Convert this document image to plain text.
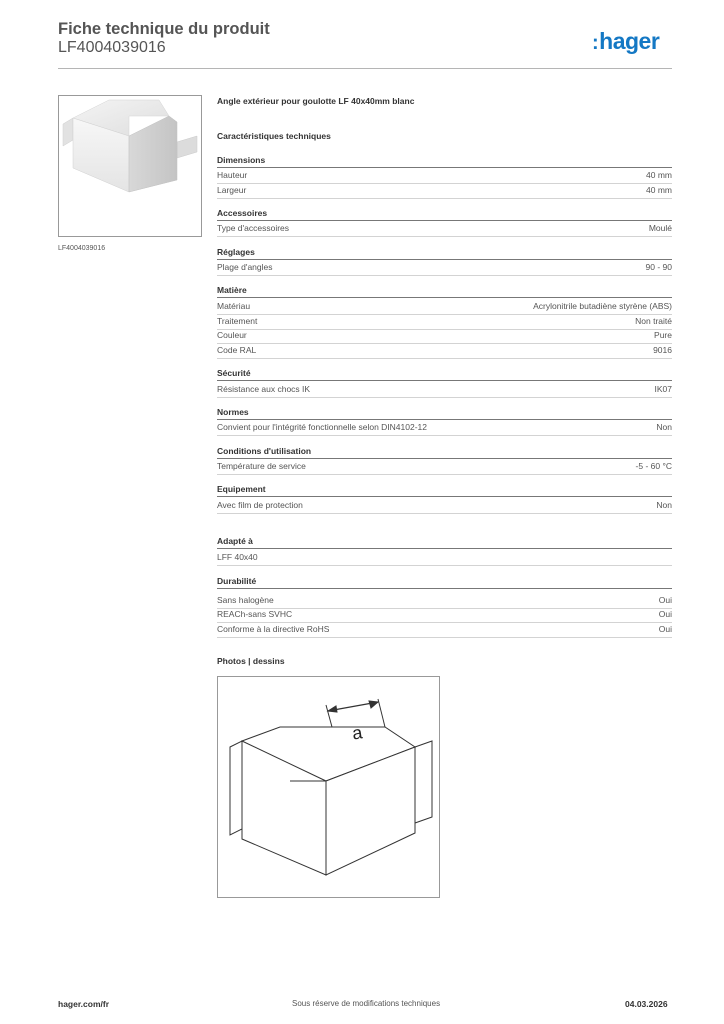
Fiche technique du produit
LF4004039016	:hager
LF4004039016
Angle extérieur pour goulotte LF 40x40mm blanc
Caractéristiques techniques
Dimensions
Hauteur	40 mm
Largeur	40 mm
Accessoires
Type d'accessoires	Moulé
Réglages
Plage d'angles	90 - 90
Matière
Matériau	Acrylonitrile butadiène styrène (ABS)
Traitement	Non traité
Couleur	Pure
Code RAL	9016
Sécurité
Résistance aux chocs IK	IK07
Normes
Convient pour l'intégrité fonctionnelle selon DIN4102-12	Non
Conditions d'utilisation
Température de service	-5 - 60 °C
Equipement
Avec film de protection	Non
Adapté à
LFF 40x40
Durabilité
Sans halogène	Oui
REACh-sans SVHC	Oui
Conforme à la directive RoHS	Oui
Photos | dessins
a
hager.com/fr	Sous réserve de modifications techniques	04.03.2026
